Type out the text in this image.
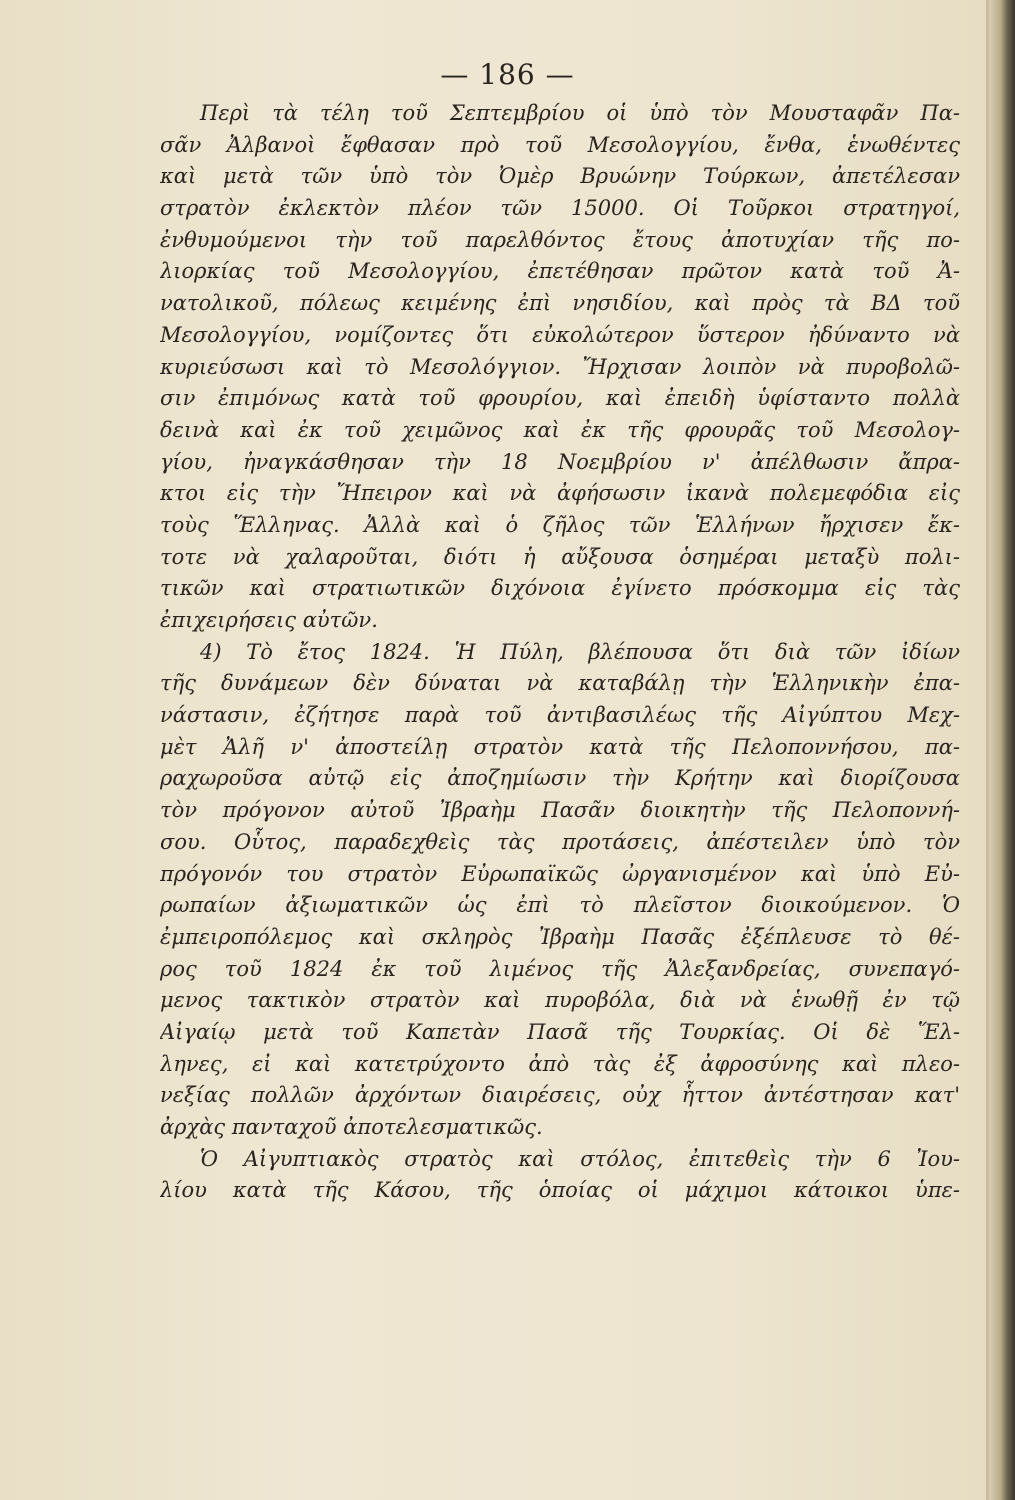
— 186 —
Περὶ τὰ τέλη τοῦ Σεπτεμβρίου οἱ ὑπὸ τὸν Μουσταφᾶν Πα-
σᾶν Ἀλβανοὶ ἔφθασαν πρὸ τοῦ Μεσολογγίου, ἔνθα, ἑνωθέντες
καὶ μετὰ τῶν ὑπὸ τὸν Ὀμὲρ Βρυώνην Τούρκων, ἀπετέλεσαν
στρατὸν ἐκλεκτὸν πλέον τῶν 15000. Οἱ Τοῦρκοι στρατηγοί,
ἐνθυμούμενοι τὴν τοῦ παρελθόντος ἔτους ἀποτυχίαν τῆς πο-
λιορκίας τοῦ Μεσολογγίου, ἐπετέθησαν πρῶτον κατὰ τοῦ Ἀ-
νατολικοῦ, πόλεως κειμένης ἐπὶ νησιδίου, καὶ πρὸς τὰ ΒΔ τοῦ
Μεσολογγίου, νομίζοντες ὅτι εὐκολώτερον ὕστερον ἠδύναντο νὰ
κυριεύσωσι καὶ τὸ Μεσολόγγιον. Ἤρχισαν λοιπὸν νὰ πυροβολῶ-
σιν ἐπιμόνως κατὰ τοῦ φρουρίου, καὶ ἐπειδὴ ὑφίσταντο πολλὰ
δεινὰ καὶ ἐκ τοῦ χειμῶνος καὶ ἐκ τῆς φρουρᾶς τοῦ Μεσολογ-
γίου, ἠναγκάσθησαν τὴν 18 Νοεμβρίου ν' ἀπέλθωσιν ἄπρα-
κτοι εἰς τὴν Ἤπειρον καὶ νὰ ἀφήσωσιν ἱκανὰ πολεμεφόδια εἰς
τοὺς Ἕλληνας. Ἀλλὰ καὶ ὁ ζῆλος τῶν Ἑλλήνων ἤρχισεν ἔκ-
τοτε νὰ χαλαροῦται, διότι ἡ αὔξουσα ὁσημέραι μεταξὺ πολι-
τικῶν καὶ στρατιωτικῶν διχόνοια ἐγίνετο πρόσκομμα εἰς τὰς
ἐπιχειρήσεις αὐτῶν.
4) Τὸ ἔτος 1824. Ἡ Πύλη, βλέπουσα ὅτι διὰ τῶν ἰδίων
τῆς δυνάμεων δὲν δύναται νὰ καταβάλῃ τὴν Ἑλληνικὴν ἐπα-
νάστασιν, ἐζήτησε παρὰ τοῦ ἀντιβασιλέως τῆς Αἰγύπτου Μεχ-
μὲτ Ἀλῆ ν' ἀποστείλῃ στρατὸν κατὰ τῆς Πελοποννήσου, πα-
ραχωροῦσα αὐτῷ εἰς ἀποζημίωσιν τὴν Κρήτην καὶ διορίζουσα
τὸν πρόγονον αὐτοῦ Ἰβραὴμ Πασᾶν διοικητὴν τῆς Πελοποννή-
σου. Οὗτος, παραδεχθεὶς τὰς προτάσεις, ἀπέστειλεν ὑπὸ τὸν
πρόγονόν του στρατὸν Εὐρωπαϊκῶς ὠργανισμένον καὶ ὑπὸ Εὐ-
ρωπαίων ἀξιωματικῶν ὡς ἐπὶ τὸ πλεῖστον διοικούμενον. Ὁ
ἐμπειροπόλεμος καὶ σκληρὸς Ἰβραὴμ Πασᾶς ἐξέπλευσε τὸ θέ-
ρος τοῦ 1824 ἐκ τοῦ λιμένος τῆς Ἀλεξανδρείας, συνεπαγό-
μενος τακτικὸν στρατὸν καὶ πυροβόλα, διὰ νὰ ἑνωθῇ ἐν τῷ
Αἰγαίῳ μετὰ τοῦ Καπετὰν Πασᾶ τῆς Τουρκίας. Οἱ δὲ Ἕλ-
ληνες, εἰ καὶ κατετρύχοντο ἀπὸ τὰς ἐξ ἀφροσύνης καὶ πλεο-
νεξίας πολλῶν ἀρχόντων διαιρέσεις, οὐχ ἧττον ἀντέστησαν κατ'
ἀρχὰς πανταχοῦ ἀποτελεσματικῶς.
Ὁ Αἰγυπτιακὸς στρατὸς καὶ στόλος, ἐπιτεθεὶς τὴν 6 Ἰου-
λίου κατὰ τῆς Κάσου, τῆς ὁποίας οἱ μάχιμοι κάτοικοι ὑπε-
